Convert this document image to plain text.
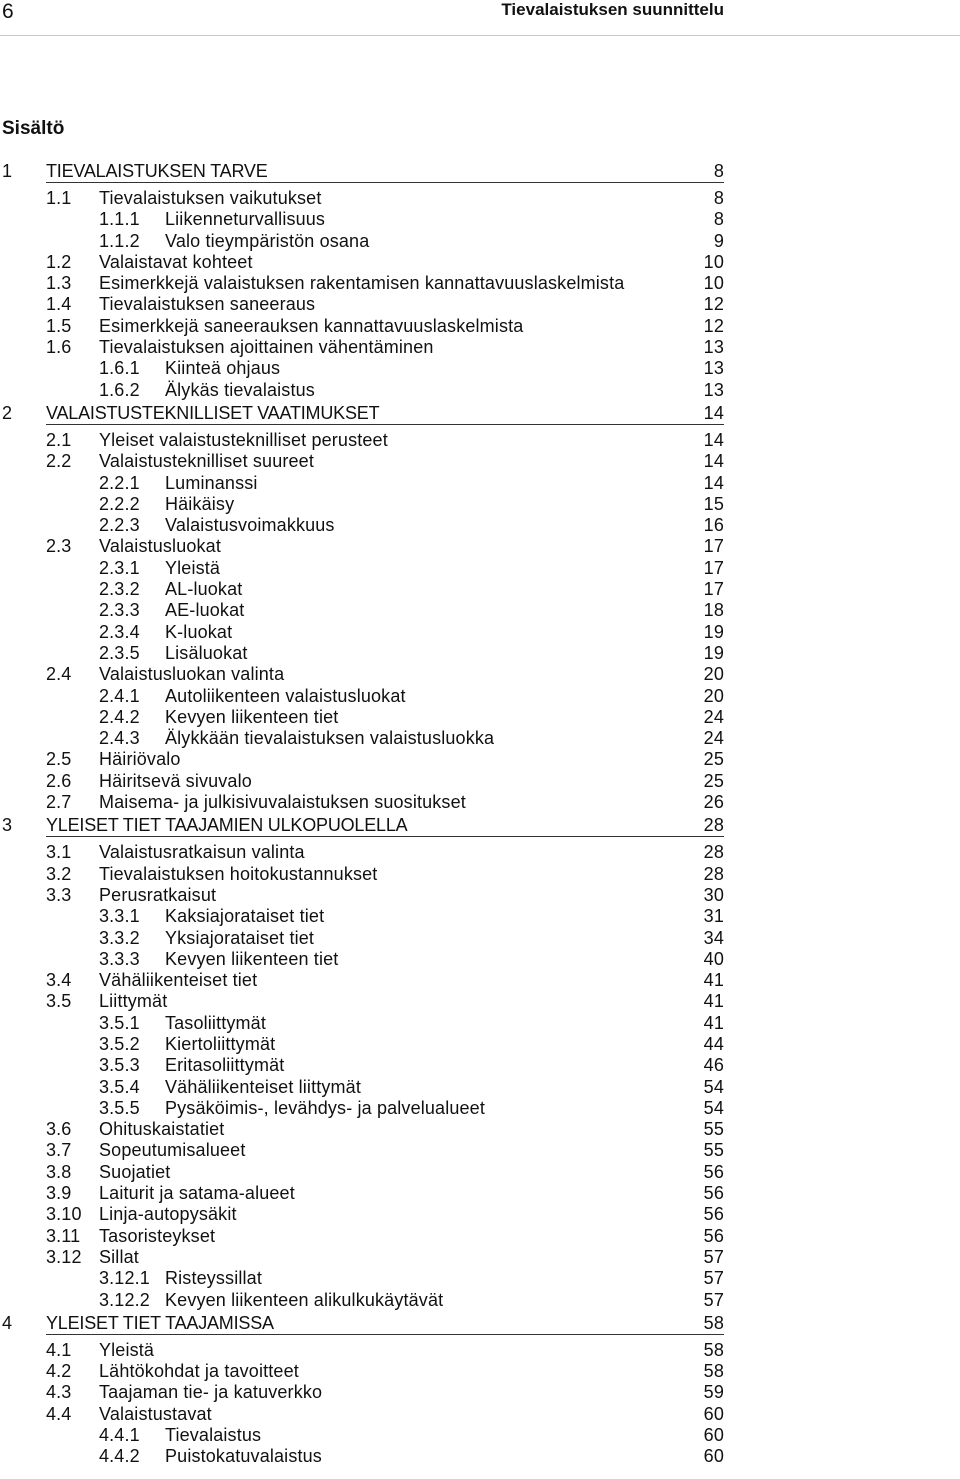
6	Tievalaistuksen suunnittelu
Sisältö
1 TIEVALAISTUKSEN TARVE	8
1.1 Tievalaistuksen vaikutukset	8
1.1.1 Liikenneturvallisuus	8
1.1.2 Valo tieympäristön osana	9
1.2 Valaistavat kohteet	10
1.3 Esimerkkejä valaistuksen rakentamisen kannattavuuslaskelmista	10
1.4 Tievalaistuksen saneeraus	12
1.5 Esimerkkejä saneerauksen kannattavuuslaskelmista	12
1.6 Tievalaistuksen ajoittainen vähentäminen	13
1.6.1 Kiinteä ohjaus	13
1.6.2 Älykäs tievalaistus	13
2 VALAISTUSTEKNILLISET VAATIMUKSET	14
2.1 Yleiset valaistusteknilliset perusteet	14
2.2 Valaistusteknilliset suureet	14
2.2.1 Luminanssi	14
2.2.2 Häikäisy	15
2.2.3 Valaistusvoimakkuus	16
2.3 Valaistusluokat	17
2.3.1 Yleistä	17
2.3.2 AL-luokat	17
2.3.3 AE-luokat	18
2.3.4 K-luokat	19
2.3.5 Lisäluokat	19
2.4 Valaistusluokan valinta	20
2.4.1 Autoliikenteen valaistusluokat	20
2.4.2 Kevyen liikenteen tiet	24
2.4.3 Älykkään tievalaistuksen valaistusluokka	24
2.5 Häiriövalo	25
2.6 Häiritsevä sivuvalo	25
2.7 Maisema- ja julkisivuvalaistuksen suositukset	26
3 YLEISET TIET TAAJAMIEN ULKOPUOLELLA	28
3.1 Valaistusratkaisun valinta	28
3.2 Tievalaistuksen hoitokustannukset	28
3.3 Perusratkaisut	30
3.3.1 Kaksiajorataiset tiet	31
3.3.2 Yksiajorataiset tiet	34
3.3.3 Kevyen liikenteen tiet	40
3.4 Vähäliikenteiset tiet	41
3.5 Liittymät	41
3.5.1 Tasoliittymät	41
3.5.2 Kiertoliittymät	44
3.5.3 Eritasoliittymät	46
3.5.4 Vähäliikenteiset liittymät	54
3.5.5 Pysäköimis-, levähdys- ja palvelualueet	54
3.6 Ohituskaistatiet	55
3.7 Sopeutumisalueet	55
3.8 Suojatiet	56
3.9 Laiturit ja satama-alueet	56
3.10 Linja-autopysäkit	56
3.11 Tasoristeykset	56
3.12 Sillat	57
3.12.1 Risteyssillat	57
3.12.2 Kevyen liikenteen alikulkukäytävät	57
4 YLEISET TIET TAAJAMISSA	58
4.1 Yleistä	58
4.2 Lähtökohdat ja tavoitteet	58
4.3 Taajaman tie- ja katuverkko	59
4.4 Valaistustavat	60
4.4.1 Tievalaistus	60
4.4.2 Puistokatuvalaistus	60
